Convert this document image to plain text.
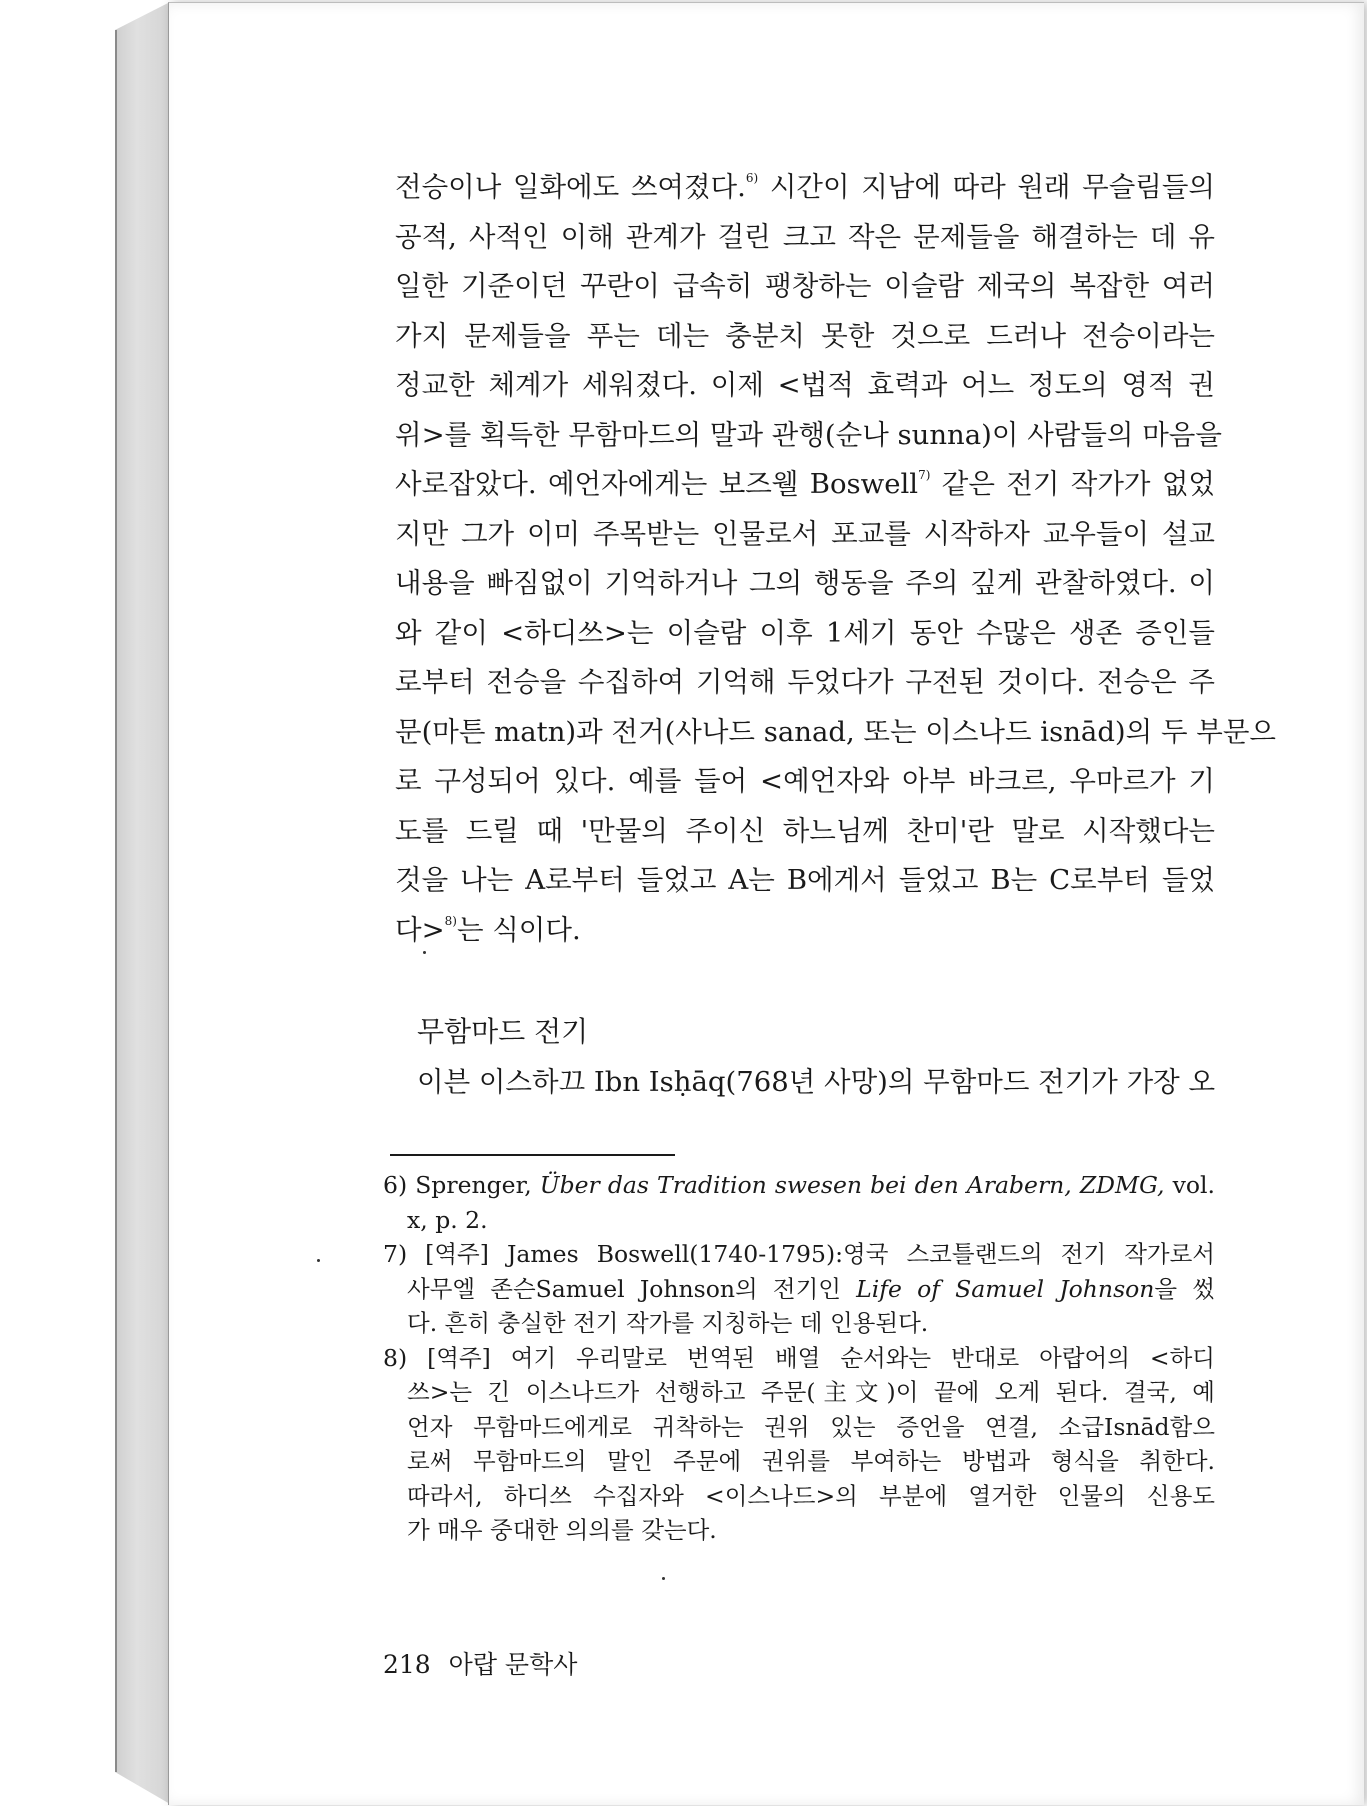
전승이나 일화에도 쓰여졌다.$^{6)}$ 시간이 지남에 따라 원래 무슬림들의
공적, 사적인 이해 관계가 걸린 크고 작은 문제들을 해결하는 데 유
일한 기준이던 꾸란이 급속히 팽창하는 이슬람 제국의 복잡한 여러
가지 문제들을 푸는 데는 충분치 못한 것으로 드러나 전승이라는
정교한 체계가 세워졌다. 이제 <법적 효력과 어느 정도의 영적 권
위>를 획득한 무함마드의 말과 관행(순나 sunna)이 사람들의 마음을
사로잡았다. 예언자에게는 보즈웰 Boswell$^{7)}$ 같은 전기 작가가 없었
지만 그가 이미 주목받는 인물로서 포교를 시작하자 교우들이 설교
내용을 빠짐없이 기억하거나 그의 행동을 주의 깊게 관찰하였다. 이
와 같이 <하디쓰>는 이슬람 이후 1세기 동안 수많은 생존 증인들
로부터 전승을 수집하여 기억해 두었다가 구전된 것이다. 전승은 주
문(마튼 matn)과 전거(사나드 sanad, 또는 이스나드 isnād)의 두 부문으
로 구성되어 있다. 예를 들어 <예언자와 아부 바크르, 우마르가 기
도를 드릴 때 '만물의 주이신 하느님께 찬미'란 말로 시작했다는
것을 나는 A로부터 들었고 A는 B에게서 들었고 B는 C로부터 들었
다>$^{8)}$는 식이다.
무함마드 전기
이븐 이스하끄 Ibn Isḥāq(768년 사망)의 무함마드 전기가 가장 오
6) Sprenger, Über das Tradition swesen bei den Arabern, ZDMG, vol.
x, p. 2.
7) [역주] James Boswell(1740-1795):영국 스코틀랜드의 전기 작가로서
사무엘 존슨Samuel Johnson의 전기인 Life of Samuel Johnson을 썼
다. 흔히 충실한 전기 작가를 지칭하는 데 인용된다.
8) [역주] 여기 우리말로 번역된 배열 순서와는 반대로 아랍어의 <하디
쓰>는 긴 이스나드가 선행하고 주문(主文)이 끝에 오게 된다. 결국, 예
언자 무함마드에게로 귀착하는 권위 있는 증언을 연결, 소급Isnād함으
로써 무함마드의 말인 주문에 권위를 부여하는 방법과 형식을 취한다.
따라서, 하디쓰 수집자와 <이스나드>의 부분에 열거한 인물의 신용도
가 매우 중대한 의의를 갖는다.
218 아랍 문학사
